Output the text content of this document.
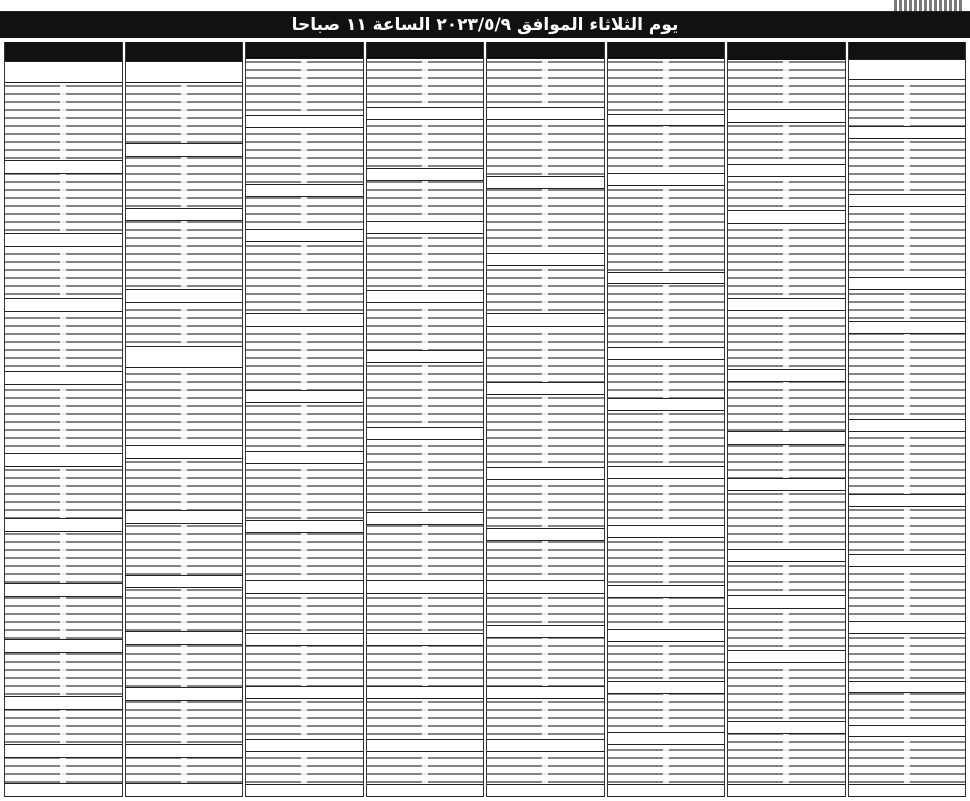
يوم الثلاثاء الموافق ٢٠٢٣/٥/٩ الساعة ١١ صباحا
